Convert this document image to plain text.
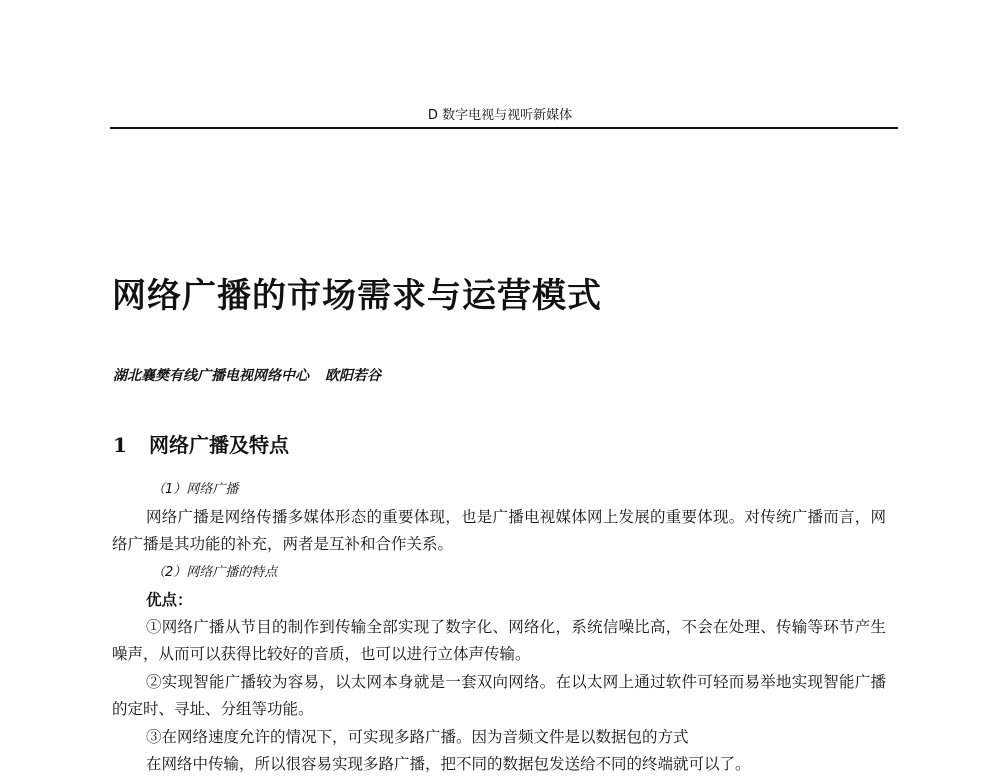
D 数字电视与视听新媒体
网络广播的市场需求与运营模式
湖北襄樊有线广播电视网络中心 欧阳若谷
1 网络广播及特点

（1）网络广播

网络广播是网络传播多媒体形态的重要体现，也是广播电视媒体网上发展的重要体现。对传统广播而言，网络广播是其功能的补充，两者是互补和合作关系。

（2）网络广播的特点

优点：

①网络广播从节目的制作到传输全部实现了数字化、网络化，系统信噪比高，不会在处理、传输等环节产生噪声，从而可以获得比较好的音质，也可以进行立体声传输。

②实现智能广播较为容易，以太网本身就是一套双向网络。在以太网上通过软件可轻而易举地实现智能广播的定时、寻址、分组等功能。

③在网络速度允许的情况下，可实现多路广播。因为音频文件是以数据包的方式

在网络中传输，所以很容易实现多路广播，把不同的数据包发送给不同的终端就可以了。
